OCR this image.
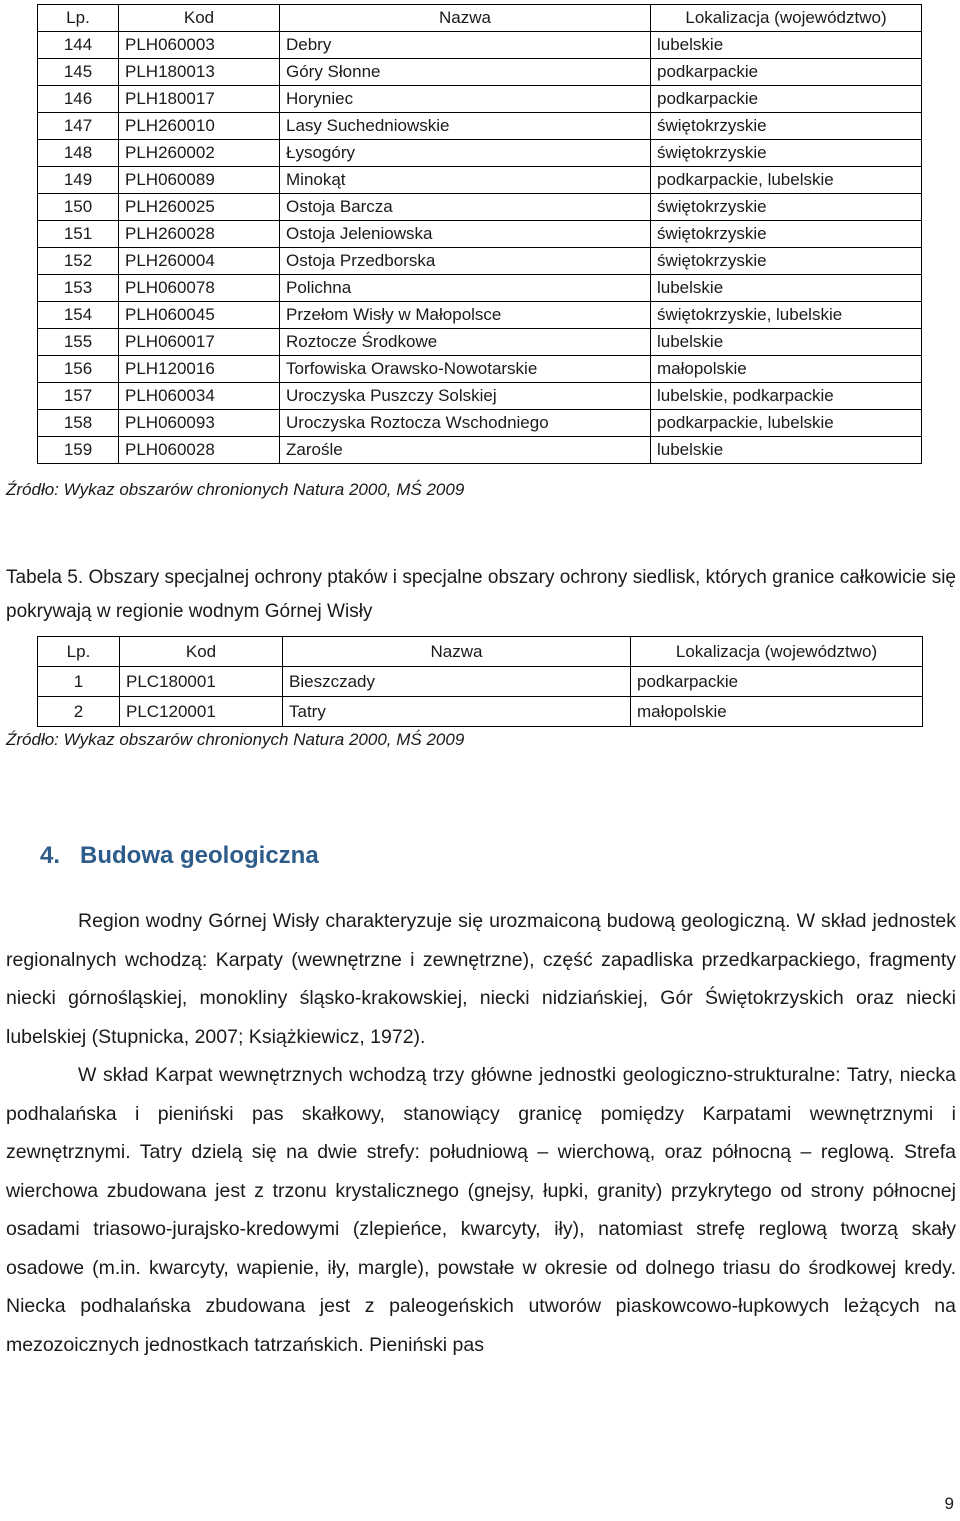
Lp.	Kod	Nazwa	Lokalizacja (województwo)
144	PLH060003	Debry	lubelskie
145	PLH180013	Góry Słonne	podkarpackie
146	PLH180017	Horyniec	podkarpackie
147	PLH260010	Lasy Suchedniowskie	świętokrzyskie
148	PLH260002	Łysogóry	świętokrzyskie
149	PLH060089	Minokąt	podkarpackie, lubelskie
150	PLH260025	Ostoja Barcza	świętokrzyskie
151	PLH260028	Ostoja Jeleniowska	świętokrzyskie
152	PLH260004	Ostoja Przedborska	świętokrzyskie
153	PLH060078	Polichna	lubelskie
154	PLH060045	Przełom Wisły w Małopolsce	świętokrzyskie, lubelskie
155	PLH060017	Roztocze Środkowe	lubelskie
156	PLH120016	Torfowiska Orawsko-Nowotarskie	małopolskie
157	PLH060034	Uroczyska Puszczy Solskiej	lubelskie, podkarpackie
158	PLH060093	Uroczyska Roztocza Wschodniego	podkarpackie, lubelskie
159	PLH060028	Zarośle	lubelskie
Źródło: Wykaz obszarów chronionych Natura 2000, MŚ 2009
Tabela 5. Obszary specjalnej ochrony ptaków i specjalne obszary ochrony siedlisk, których granice całkowicie się pokrywają w regionie wodnym Górnej Wisły
Lp.	Kod	Nazwa	Lokalizacja (województwo)
1	PLC180001	Bieszczady	podkarpackie
2	PLC120001	Tatry	małopolskie
Źródło: Wykaz obszarów chronionych Natura 2000, MŚ 2009
4. Budowa geologiczna

Region wodny Górnej Wisły charakteryzuje się urozmaiconą budową geologiczną. W skład jednostek regionalnych wchodzą: Karpaty (wewnętrzne i zewnętrzne), część zapadliska przedkarpackiego, fragmenty niecki górnośląskiej, monokliny śląsko-krakowskiej, niecki nidziańskiej, Gór Świętokrzyskich oraz niecki lubelskiej (Stupnicka, 2007; Książkiewicz, 1972).

W skład Karpat wewnętrznych wchodzą trzy główne jednostki geologiczno-strukturalne: Tatry, niecka podhalańska i pieniński pas skałkowy, stanowiący granicę pomiędzy Karpatami wewnętrznymi i zewnętrznymi. Tatry dzielą się na dwie strefy: południową – wierchową, oraz północną – reglową. Strefa wierchowa zbudowana jest z trzonu krystalicznego (gnejsy, łupki, granity) przykrytego od strony północnej osadami triasowo-jurajsko-kredowymi (zlepieńce, kwarcyty, iły), natomiast strefę reglową tworzą skały osadowe (m.in. kwarcyty, wapienie, iły, margle), powstałe w okresie od dolnego triasu do środkowej kredy. Niecka podhalańska zbudowana jest z paleogeńskich utworów piaskowcowo-łupkowych leżących na mezozoicznych jednostkach tatrzańskich. Pieniński pas

9
